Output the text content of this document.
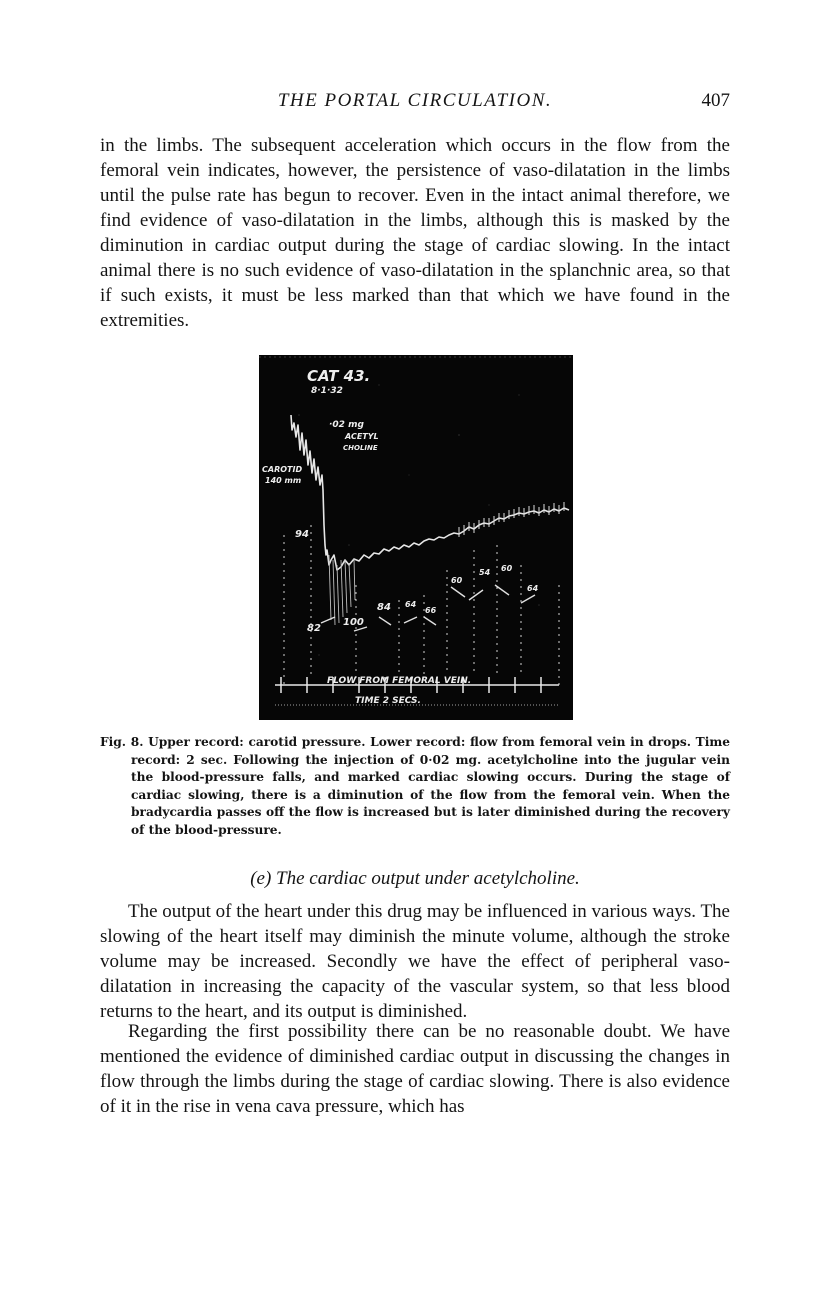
THE PORTAL CIRCULATION.	407

in the limbs. The subsequent acceleration which occurs in the flow from the femoral vein indicates, however, the persistence of vaso-dilatation in the limbs until the pulse rate has begun to recover. Even in the intact animal therefore, we find evidence of vaso-dilatation in the limbs, although this is masked by the diminution in cardiac output during the stage of cardiac slowing. In the intact animal there is no such evidence of vaso-dilatation in the splanchnic area, so that if such exists, it must be less marked than that which we have found in the extremities.

CAT 43.
8·1·32
·02 mg
ACETYL
CHOLINE
CAROTID
140 mm
94
82
100
84 64
66
60
54 60
64
FLOW FROM FEMORAL VEIN.
TIME 2 SECS.

Fig. 8. Upper record: carotid pressure. Lower record: flow from femoral vein in drops. Time record: 2 sec. Following the injection of 0·02 mg. acetylcholine into the jugular vein the blood-pressure falls, and marked cardiac slowing occurs. During the stage of cardiac slowing, there is a diminution of the flow from the femoral vein. When the bradycardia passes off the flow is increased but is later diminished during the recovery of the blood-pressure.

(e) The cardiac output under acetylcholine.

The output of the heart under this drug may be influenced in various ways. The slowing of the heart itself may diminish the minute volume, although the stroke volume may be increased. Secondly we have the effect of peripheral vaso-dilatation in increasing the capacity of the vascular system, so that less blood returns to the heart, and its output is diminished.

Regarding the first possibility there can be no reasonable doubt. We have mentioned the evidence of diminished cardiac output in discussing the changes in flow through the limbs during the stage of cardiac slowing. There is also evidence of it in the rise in vena cava pressure, which has
